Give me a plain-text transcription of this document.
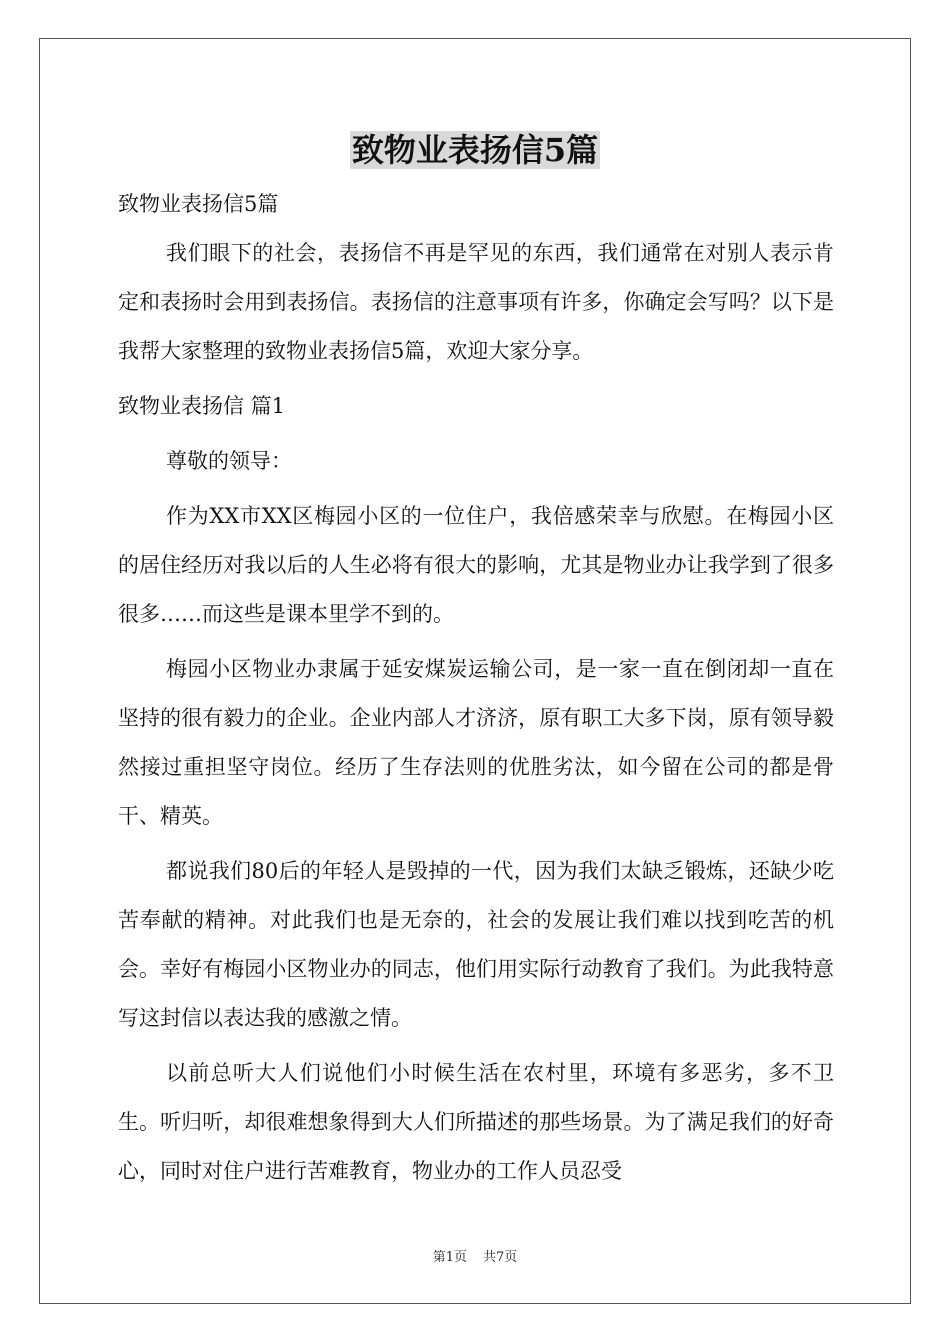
致物业表扬信5篇

致物业表扬信5篇

我们眼下的社会，表扬信不再是罕见的东西，我们通常在对别人表示肯定和表扬时会用到表扬信。表扬信的注意事项有许多，你确定会写吗？以下是我帮大家整理的致物业表扬信5篇，欢迎大家分享。

致物业表扬信 篇1

尊敬的领导：

作为XX市XX区梅园小区的一位住户，我倍感荣幸与欣慰。在梅园小区的居住经历对我以后的人生必将有很大的影响，尤其是物业办让我学到了很多很多……而这些是课本里学不到的。

梅园小区物业办隶属于延安煤炭运输公司，是一家一直在倒闭却一直在坚持的很有毅力的企业。企业内部人才济济，原有职工大多下岗，原有领导毅然接过重担坚守岗位。经历了生存法则的优胜劣汰，如今留在公司的都是骨干、精英。

都说我们80后的年轻人是毁掉的一代，因为我们太缺乏锻炼，还缺少吃苦奉献的精神。对此我们也是无奈的，社会的发展让我们难以找到吃苦的机会。幸好有梅园小区物业办的同志，他们用实际行动教育了我们。为此我特意写这封信以表达我的感激之情。

以前总听大人们说他们小时候生活在农村里，环境有多恶劣，多不卫生。听归听，却很难想象得到大人们所描述的那些场景。为了满足我们的好奇心，同时对住户进行苦难教育，物业办的工作人员忍受

第1页 共7页
